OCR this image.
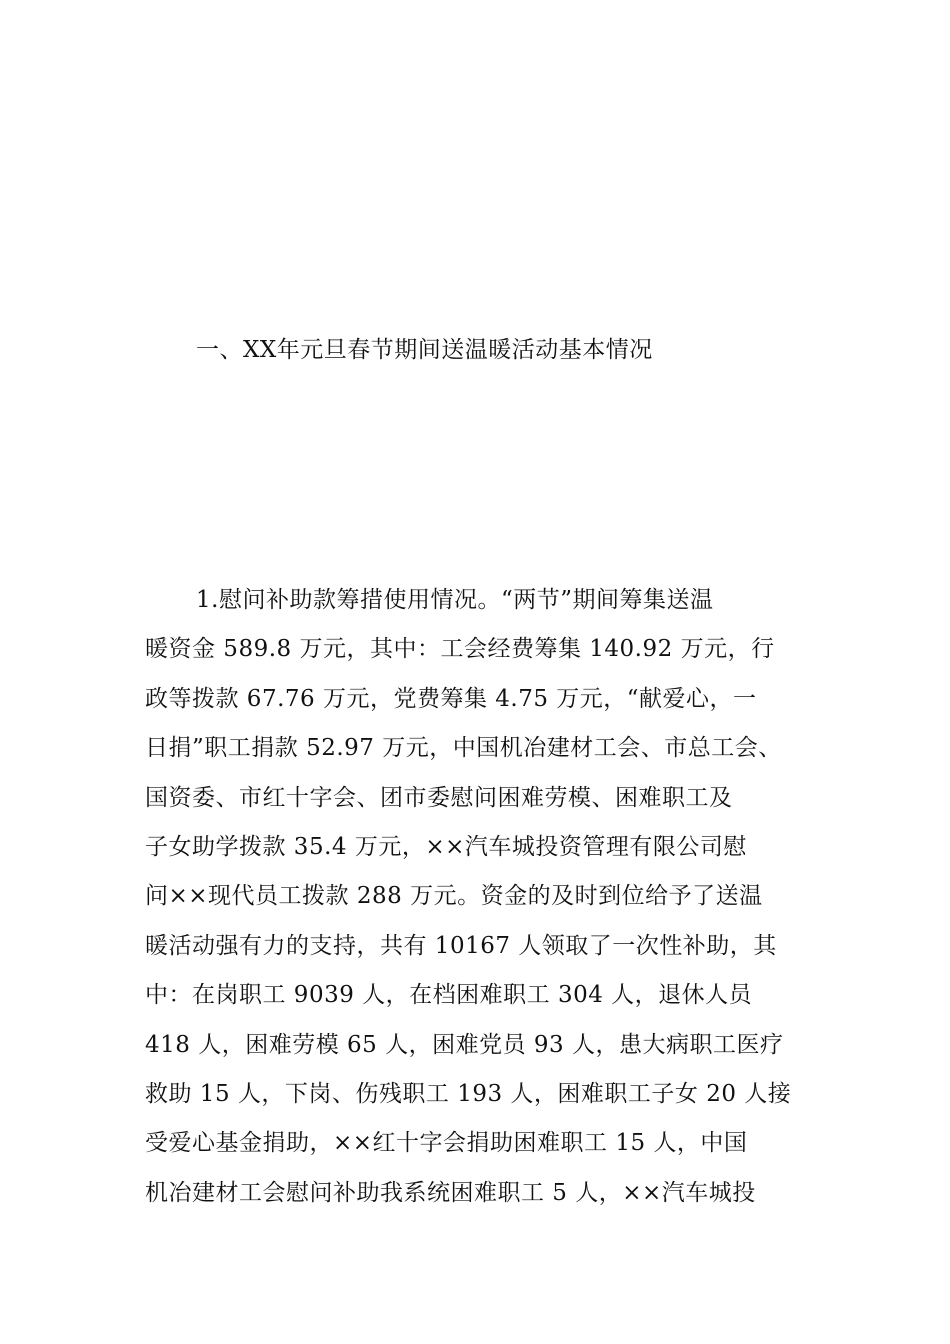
一、XX年元旦春节期间送温暖活动基本情况
1.慰问补助款筹措使用情况。“两节”期间筹集送温
暖资金 589.8 万元，其中：工会经费筹集 140.92 万元，行
政等拨款 67.76 万元，党费筹集 4.75 万元，“献爱心，一
日捐”职工捐款 52.97 万元，中国机冶建材工会、市总工会、
国资委、市红十字会、团市委慰问困难劳模、困难职工及
子女助学拨款 35.4 万元，××汽车城投资管理有限公司慰
问××现代员工拨款 288 万元。资金的及时到位给予了送温
暖活动强有力的支持，共有 10167 人领取了一次性补助，其
中：在岗职工 9039 人，在档困难职工 304 人，退休人员
418 人，困难劳模 65 人，困难党员 93 人，患大病职工医疗
救助 15 人，下岗、伤残职工 193 人，困难职工子女 20 人接
受爱心基金捐助，××红十字会捐助困难职工 15 人，中国
机冶建材工会慰问补助我系统困难职工 5 人，××汽车城投
